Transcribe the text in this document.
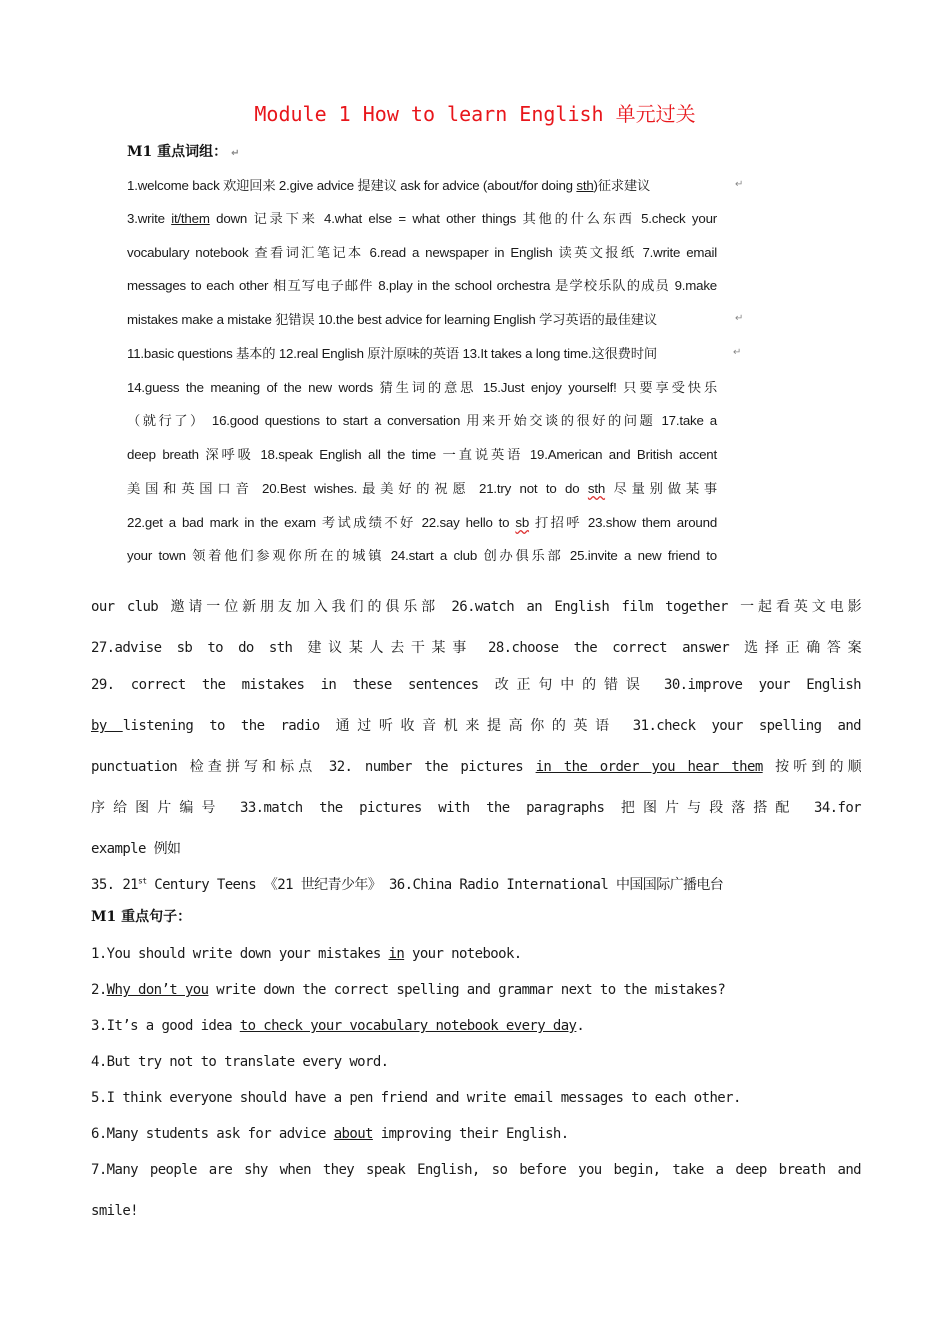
Module 1 How to learn English 单元过关
M1 重点词组： ↵
1.welcome back 欢迎回来 2.give advice 提建议 ask for advice (about/for doing sth)征求建议	↵
3.write it/them down 记录下来 4.what else = what other things 其他的什么东西 5.check your
vocabulary notebook 查看词汇笔记本 6.read a newspaper in English 读英文报纸 7.write email
messages to each other 相互写电子邮件 8.play in the school orchestra 是学校乐队的成员 9.make
mistakes make a mistake 犯错误 10.the best advice for learning English 学习英语的最佳建议	↵
11.basic questions 基本的 12.real English 原汁原味的英语 13.It takes a long time.这很费时间	↵
14.guess the meaning of the new words 猜生词的意思 15.Just enjoy yourself! 只要享受快乐
（就行了） 16.good questions to start a conversation 用来开始交谈的很好的问题 17.take a
deep breath 深呼吸 18.speak English all the time 一直说英语 19.American and British accent
美国和英国口音 20.Best wishes.最美好的祝愿 21.try not to do sth 尽量别做某事
22.get a bad mark in the exam 考试成绩不好 22.say hello to sb 打招呼 23.show them around
your town 领着他们参观你所在的城镇 24.start a club 创办俱乐部 25.invite a new friend to
our club 邀请一位新朋友加入我们的俱乐部 26.watch an English film together 一起看英文电影
27.advise sb to do sth 建议某人去干某事 28.choose the correct answer 选择正确答案
29. correct the mistakes in these sentences 改正句中的错误 30.improve your English
by listening to the radio 通过听收音机来提高你的英语 31.check your spelling and
punctuation 检查拼写和标点 32. number the pictures in the order you hear them 按听到的顺
序给图片编号 33.match the pictures with the paragraphs 把图片与段落搭配 34.for
example 例如
35. 21st Century Teens 《21 世纪青少年》 36.China Radio International 中国国际广播电台
M1 重点句子：
1.You should write down your mistakes in your notebook.
2.Why don’t you write down the correct spelling and grammar next to the mistakes?
3.It’s a good idea to check your vocabulary notebook every day.
4.But try not to translate every word.
5.I think everyone should have a pen friend and write email messages to each other.
6.Many students ask for advice about improving their English.
7.Many people are shy when they speak English, so before you begin, take a deep breath and
smile!
